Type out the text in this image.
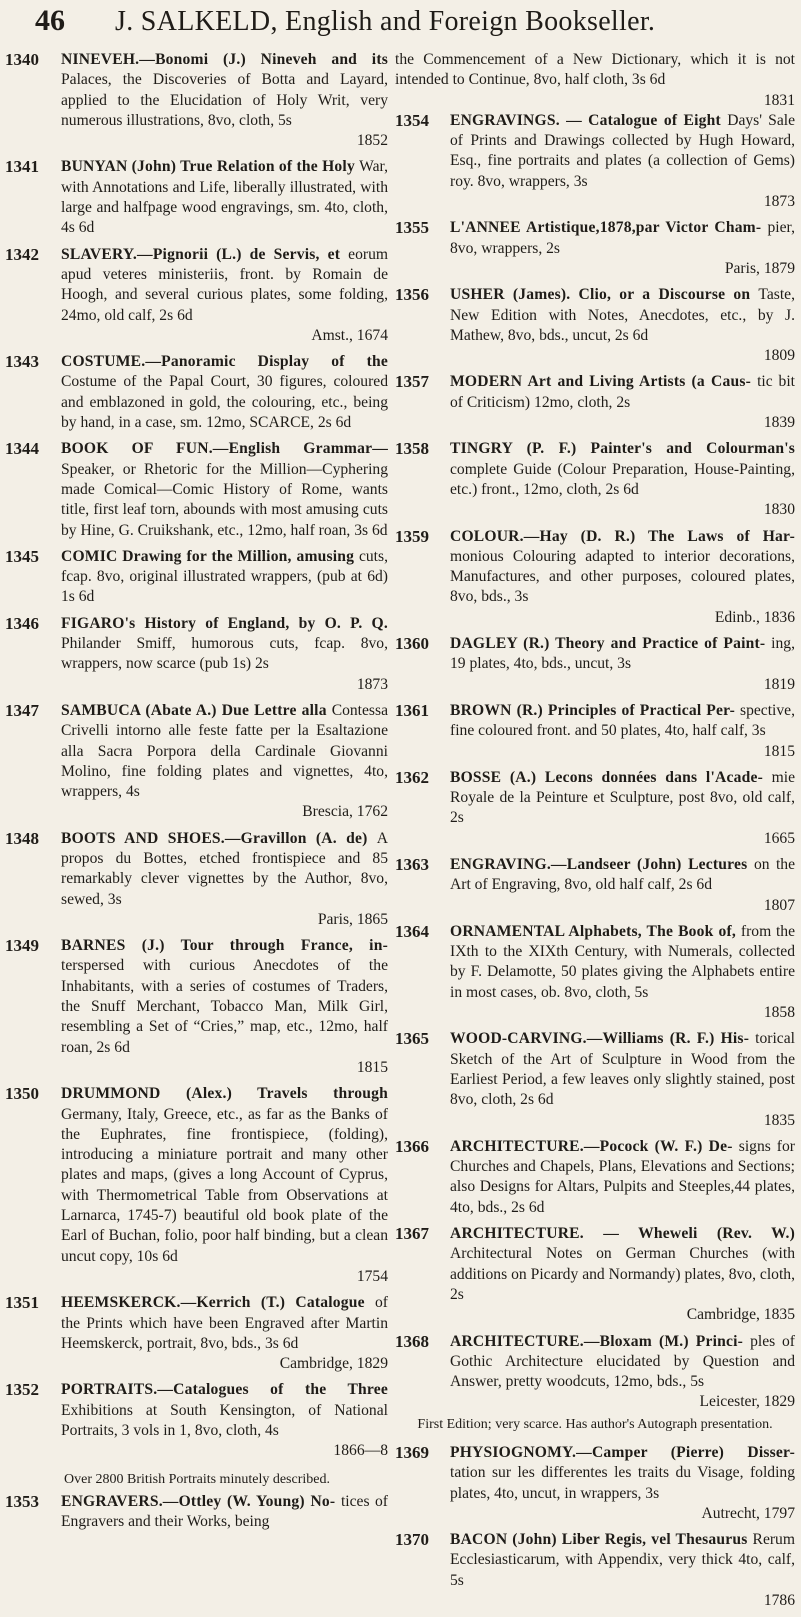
46 J. SALKELD, English and Foreign Bookseller.
1340	NINEVEH.—Bonomi (J.) Nineveh and its Palaces, the Discoveries of Botta and Layard, applied to the Elucidation of Holy Writ, very numerous illustrations, 8vo, cloth, 5s
1852
1341	BUNYAN (John) True Relation of the Holy War, with Annotations and Life, liberally illustrated, with large and halfpage wood engravings, sm. 4to, cloth, 4s 6d
1342	SLAVERY.—Pignorii (L.) de Servis, et eorum apud veteres ministeriis, front. by Romain de Hoogh, and several curious plates, some folding, 24mo, old calf, 2s 6d
Amst., 1674
1343	COSTUME.—Panoramic Display of the Costume of the Papal Court, 30 figures, coloured and emblazoned in gold, the colouring, etc., being by hand, in a case, sm. 12mo, SCARCE, 2s 6d
1344	BOOK OF FUN.—English Grammar— Speaker, or Rhetoric for the Million—Cyphering made Comical—Comic History of Rome, wants title, first leaf torn, abounds with most amusing cuts by Hine, G. Cruikshank, etc., 12mo, half roan, 3s 6d
1345	COMIC Drawing for the Million, amusing cuts, fcap. 8vo, original illustrated wrappers, (pub at 6d) 1s 6d
1346	FIGARO's History of England, by O. P. Q. Philander Smiff, humorous cuts, fcap. 8vo, wrappers, now scarce (pub 1s) 2s
1873
1347	SAMBUCA (Abate A.) Due Lettre alla Contessa Crivelli intorno alle feste fatte per la Esaltazione alla Sacra Porpora della Cardinale Giovanni Molino, fine folding plates and vignettes, 4to, wrappers, 4s
Brescia, 1762
1348	BOOTS AND SHOES.—Gravillon (A. de) A propos du Bottes, etched frontispiece and 85 remarkably clever vignettes by the Author, 8vo, sewed, 3s
Paris, 1865
1349	BARNES (J.) Tour through France, in- terspersed with curious Anecdotes of the Inhabitants, with a series of costumes of Traders, the Snuff Merchant, Tobacco Man, Milk Girl, resembling a Set of “Cries,” map, etc., 12mo, half roan, 2s 6d
1815
1350	DRUMMOND (Alex.) Travels through Germany, Italy, Greece, etc., as far as the Banks of the Euphrates, fine frontispiece, (folding), introducing a miniature portrait and many other plates and maps, (gives a long Account of Cyprus, with Thermometrical Table from Observations at Larnarca, 1745-7) beautiful old book plate of the Earl of Buchan, folio, poor half binding, but a clean uncut copy, 10s 6d
1754
1351	HEEMSKERCK.—Kerrich (T.) Catalogue of the Prints which have been Engraved after Martin Heemskerck, portrait, 8vo, bds., 3s 6d
Cambridge, 1829
1352	PORTRAITS.—Catalogues of the Three Exhibitions at South Kensington, of National Portraits, 3 vols in 1, 8vo, cloth, 4s
1866—8
Over 2800 British Portraits minutely described.
1353	ENGRAVERS.—Ottley (W. Young) No- tices of Engravers and their Works, being
the Commencement of a New Dictionary, which it is not intended to Continue, 8vo, half cloth, 3s 6d
1831
1354	ENGRAVINGS. — Catalogue of Eight Days' Sale of Prints and Drawings collected by Hugh Howard, Esq., fine portraits and plates (a collection of Gems) roy. 8vo, wrappers, 3s
1873
1355	L'ANNEE Artistique,1878,par Victor Cham- pier, 8vo, wrappers, 2s
Paris, 1879
1356	USHER (James). Clio, or a Discourse on Taste, New Edition with Notes, Anecdotes, etc., by J. Mathew, 8vo, bds., uncut, 2s 6d
1809
1357	MODERN Art and Living Artists (a Caus- tic bit of Criticism) 12mo, cloth, 2s
1839
1358	TINGRY (P. F.) Painter's and Colourman's complete Guide (Colour Preparation, House-Painting, etc.) front., 12mo, cloth, 2s 6d
1830
1359	COLOUR.—Hay (D. R.) The Laws of Har- monious Colouring adapted to interior decorations, Manufactures, and other purposes, coloured plates, 8vo, bds., 3s
Edinb., 1836
1360	DAGLEY (R.) Theory and Practice of Paint- ing, 19 plates, 4to, bds., uncut, 3s
1819
1361	BROWN (R.) Principles of Practical Per- spective, fine coloured front. and 50 plates, 4to, half calf, 3s
1815
1362	BOSSE (A.) Lecons données dans l'Acade- mie Royale de la Peinture et Sculpture, post 8vo, old calf, 2s
1665
1363	ENGRAVING.—Landseer (John) Lectures on the Art of Engraving, 8vo, old half calf, 2s 6d
1807
1364	ORNAMENTAL Alphabets, The Book of, from the IXth to the XIXth Century, with Numerals, collected by F. Delamotte, 50 plates giving the Alphabets entire in most cases, ob. 8vo, cloth, 5s
1858
1365	WOOD-CARVING.—Williams (R. F.) His- torical Sketch of the Art of Sculpture in Wood from the Earliest Period, a few leaves only slightly stained, post 8vo, cloth, 2s 6d
1835
1366	ARCHITECTURE.—Pocock (W. F.) De- signs for Churches and Chapels, Plans, Elevations and Sections; also Designs for Altars, Pulpits and Steeples,44 plates, 4to, bds., 2s 6d
1367	ARCHITECTURE. — Wheweli (Rev. W.) Architectural Notes on German Churches (with additions on Picardy and Normandy) plates, 8vo, cloth, 2s
Cambridge, 1835
1368	ARCHITECTURE.—Bloxam (M.) Princi- ples of Gothic Architecture elucidated by Question and Answer, pretty woodcuts, 12mo, bds., 5s
Leicester, 1829
First Edition; very scarce. Has author's Autograph presentation.
1369	PHYSIOGNOMY.—Camper (Pierre) Disser- tation sur les differentes les traits du Visage, folding plates, 4to, uncut, in wrappers, 3s
Autrecht, 1797
1370	BACON (John) Liber Regis, vel Thesaurus Rerum Ecclesiasticarum, with Appendix, very thick 4to, calf, 5s
1786
